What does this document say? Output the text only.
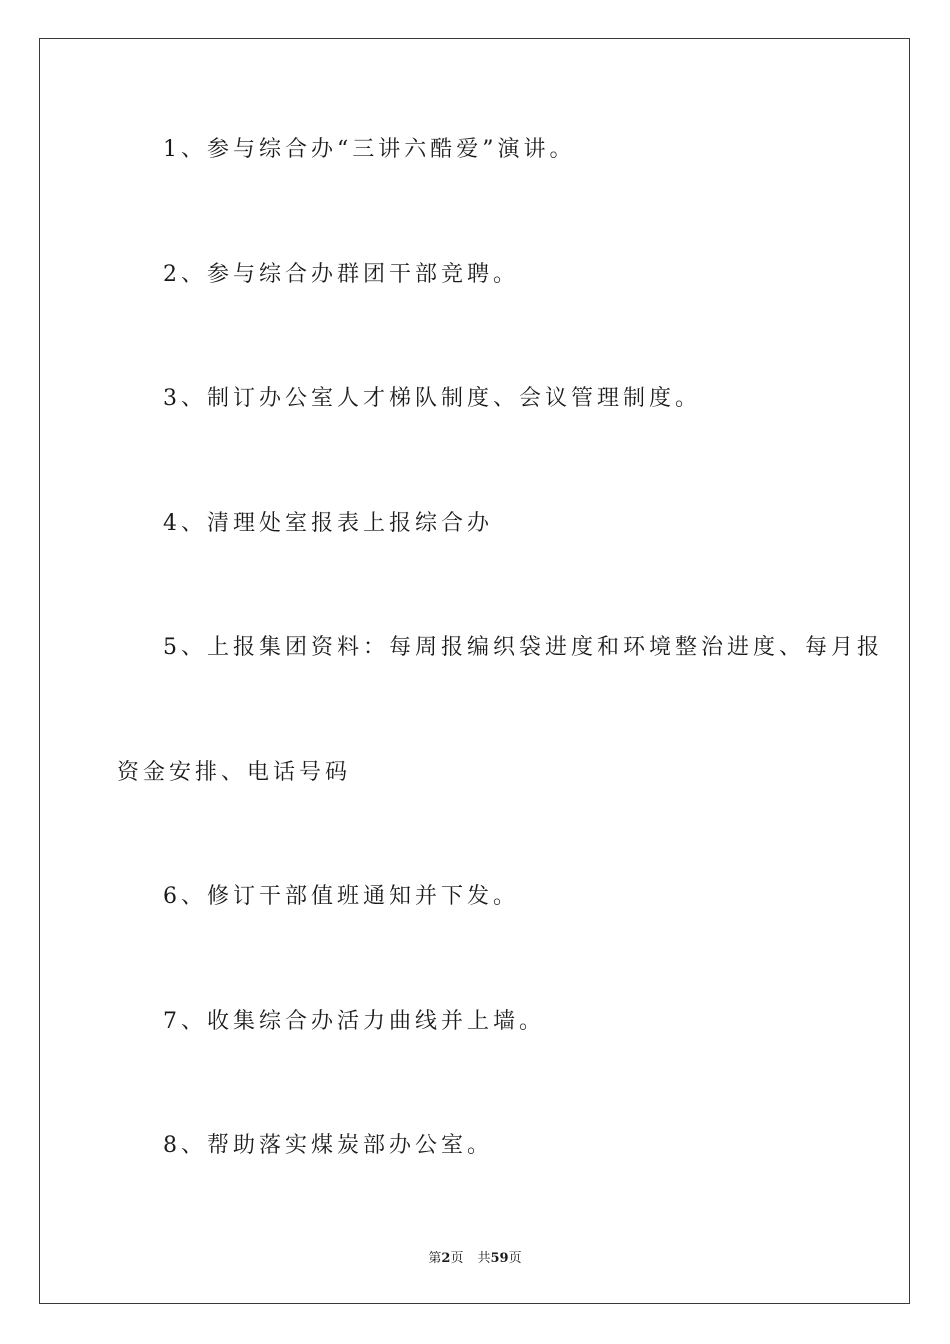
1、参与综合办“三讲六酷爱”演讲。
2、参与综合办群团干部竞聘。
3、制订办公室人才梯队制度、会议管理制度。
4、清理处室报表上报综合办
5、上报集团资料：每周报编织袋进度和环境整治进度、每月报
资金安排、电话号码
6、修订干部值班通知并下发。
7、收集综合办活力曲线并上墙。
8、帮助落实煤炭部办公室。
第2页 共59页
